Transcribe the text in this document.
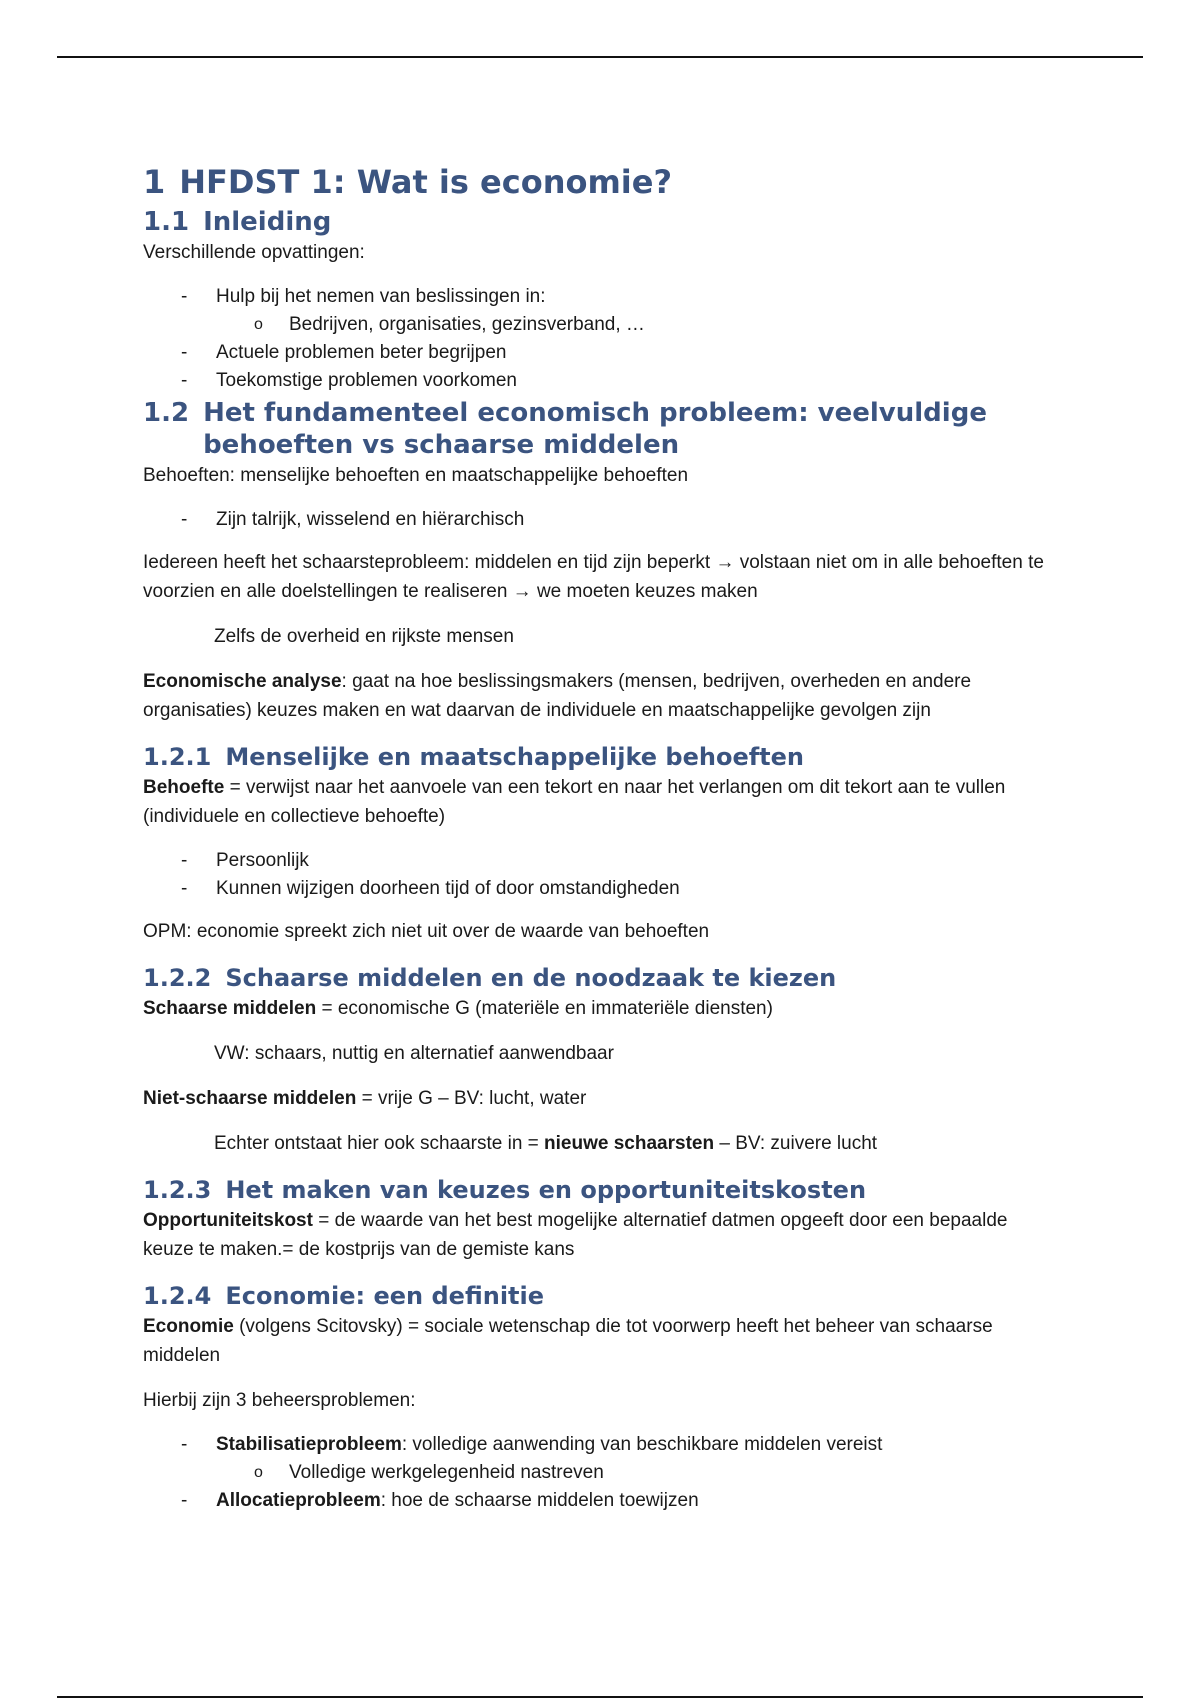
1 HFDST 1: Wat is economie?
1.1 Inleiding

Verschillende opvattingen:

- Hulp bij het nemen van beslissingen in:
o Bedrijven, organisaties, gezinsverband, …
- Actuele problemen beter begrijpen
- Toekomstige problemen voorkomen
1.2 Het fundamenteel economisch probleem: veelvuldige behoeften vs schaarse middelen

Behoeften: menselijke behoeften en maatschappelijke behoeften

- Zijn talrijk, wisselend en hiërarchisch

Iedereen heeft het schaarsteprobleem: middelen en tijd zijn beperkt → volstaan niet om in alle behoeften te voorzien en alle doelstellingen te realiseren → we moeten keuzes maken

Zelfs de overheid en rijkste mensen

Economische analyse: gaat na hoe beslissingsmakers (mensen, bedrijven, overheden en andere organisaties) keuzes maken en wat daarvan de individuele en maatschappelijke gevolgen zijn

1.2.1 Menselijke en maatschappelijke behoeften

Behoefte = verwijst naar het aanvoele van een tekort en naar het verlangen om dit tekort aan te vullen (individuele en collectieve behoefte)

- Persoonlijk
- Kunnen wijzigen doorheen tijd of door omstandigheden

OPM: economie spreekt zich niet uit over de waarde van behoeften

1.2.2 Schaarse middelen en de noodzaak te kiezen

Schaarse middelen = economische G (materiële en immateriële diensten)

VW: schaars, nuttig en alternatief aanwendbaar

Niet-schaarse middelen = vrije G – BV: lucht, water

Echter ontstaat hier ook schaarste in = nieuwe schaarsten – BV: zuivere lucht

1.2.3 Het maken van keuzes en opportuniteitskosten

Opportuniteitskost = de waarde van het best mogelijke alternatief datmen opgeeft door een bepaalde keuze te maken.= de kostprijs van de gemiste kans

1.2.4 Economie: een definitie

Economie (volgens Scitovsky) = sociale wetenschap die tot voorwerp heeft het beheer van schaarse middelen

Hierbij zijn 3 beheersproblemen:

- Stabilisatieprobleem: volledige aanwending van beschikbare middelen vereist
o Volledige werkgelegenheid nastreven
- Allocatieprobleem: hoe de schaarse middelen toewijzen
